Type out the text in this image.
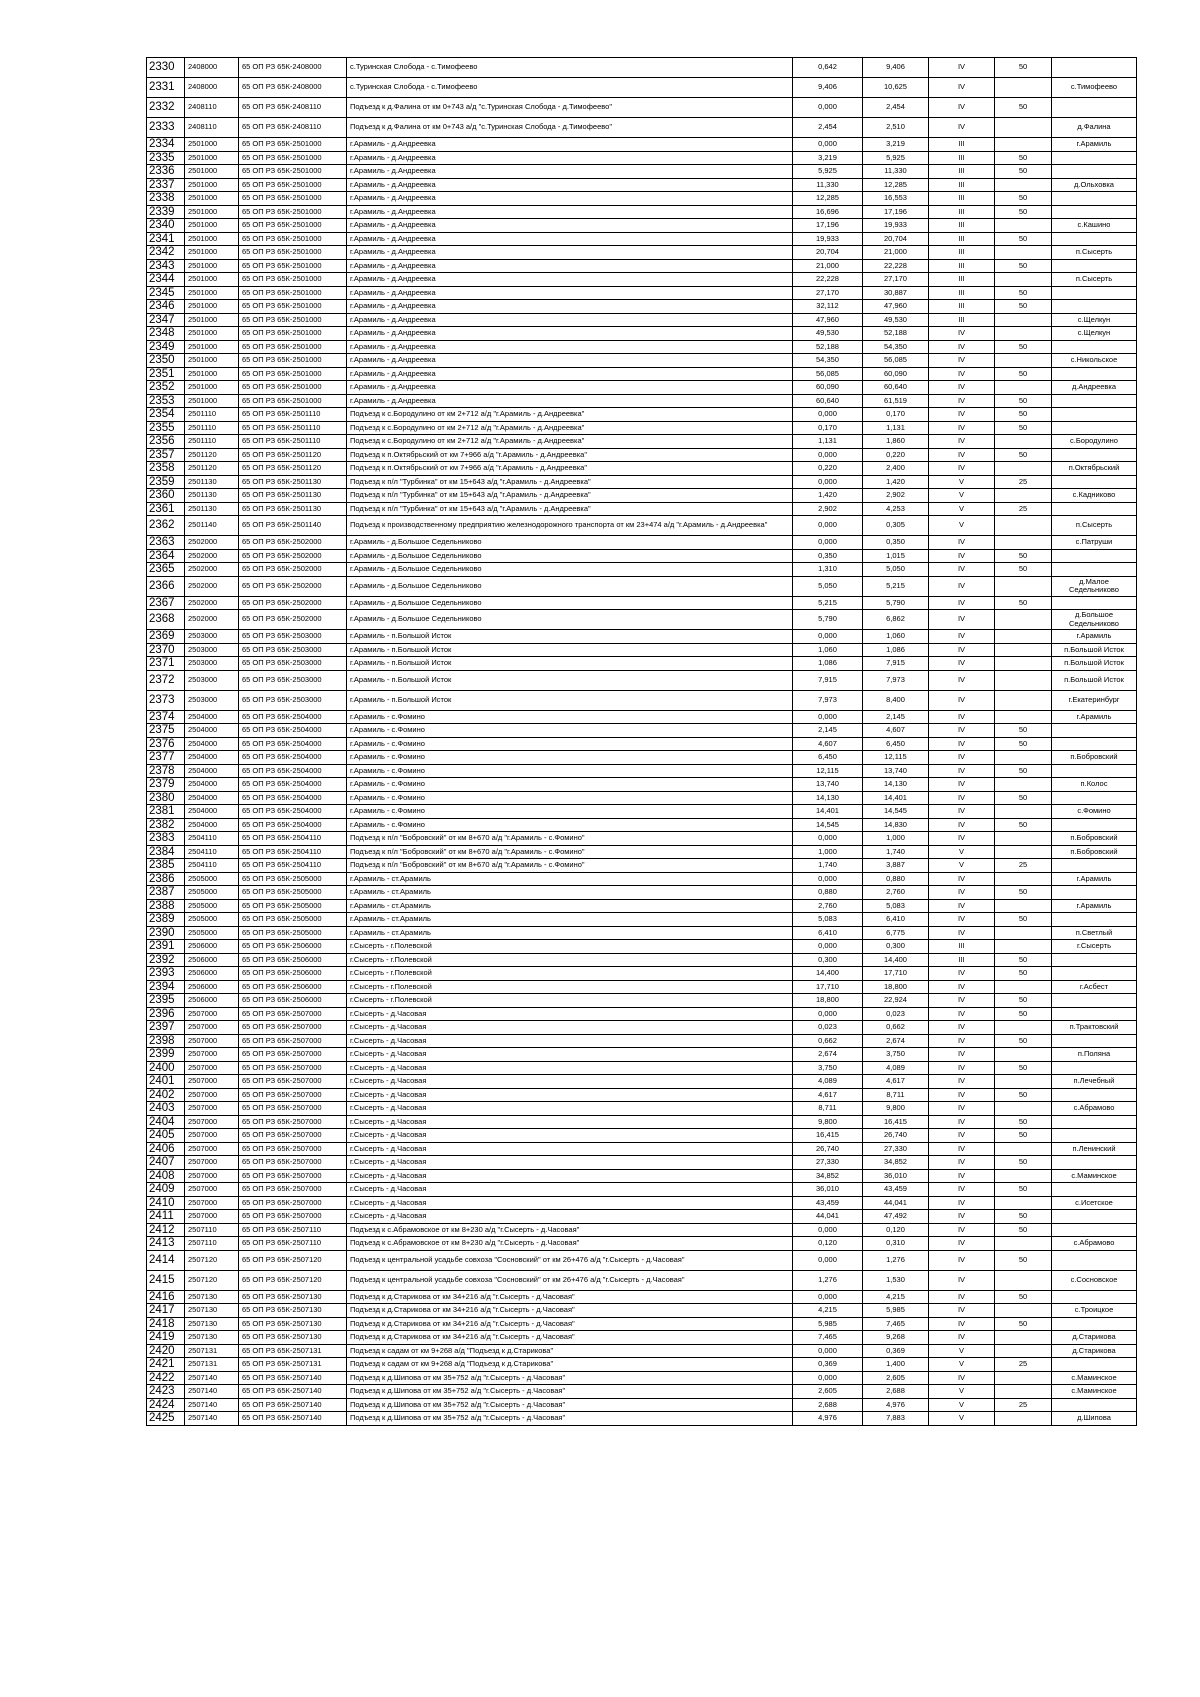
2330	2408000	65 ОП РЗ 65К-2408000	с.Туринская Слобода - с.Тимофеево	0,642	9,406	IV	50	
2331	2408000	65 ОП РЗ 65К-2408000	с.Туринская Слобода - с.Тимофеево	9,406	10,625	IV		с.Тимофеево
2332	2408110	65 ОП РЗ 65К-2408110	Подъезд к д.Фалина от км 0+743 а/д "с.Туринская Слобода - д.Тимофеево"	0,000	2,454	IV	50	
2333	2408110	65 ОП РЗ 65К-2408110	Подъезд к д.Фалина от км 0+743 а/д "с.Туринская Слобода - д.Тимофеево"	2,454	2,510	IV		д.Фалина
2334	2501000	65 ОП РЗ 65К-2501000	г.Арамиль - д.Андреевка	0,000	3,219	III		г.Арамиль
2335	2501000	65 ОП РЗ 65К-2501000	г.Арамиль - д.Андреевка	3,219	5,925	III	50	
2336	2501000	65 ОП РЗ 65К-2501000	г.Арамиль - д.Андреевка	5,925	11,330	III	50	
2337	2501000	65 ОП РЗ 65К-2501000	г.Арамиль - д.Андреевка	11,330	12,285	III		д.Ольховка
2338	2501000	65 ОП РЗ 65К-2501000	г.Арамиль - д.Андреевка	12,285	16,553	III	50	
2339	2501000	65 ОП РЗ 65К-2501000	г.Арамиль - д.Андреевка	16,696	17,196	III	50	
2340	2501000	65 ОП РЗ 65К-2501000	г.Арамиль - д.Андреевка	17,196	19,933	III		с.Кашино
2341	2501000	65 ОП РЗ 65К-2501000	г.Арамиль - д.Андреевка	19,933	20,704	III	50	
2342	2501000	65 ОП РЗ 65К-2501000	г.Арамиль - д.Андреевка	20,704	21,000	III		п.Сысерть
2343	2501000	65 ОП РЗ 65К-2501000	г.Арамиль - д.Андреевка	21,000	22,228	III	50	
2344	2501000	65 ОП РЗ 65К-2501000	г.Арамиль - д.Андреевка	22,228	27,170	III		п.Сысерть
2345	2501000	65 ОП РЗ 65К-2501000	г.Арамиль - д.Андреевка	27,170	30,887	III	50	
2346	2501000	65 ОП РЗ 65К-2501000	г.Арамиль - д.Андреевка	32,112	47,960	III	50	
2347	2501000	65 ОП РЗ 65К-2501000	г.Арамиль - д.Андреевка	47,960	49,530	III		с.Щелкун
2348	2501000	65 ОП РЗ 65К-2501000	г.Арамиль - д.Андреевка	49,530	52,188	IV		с.Щелкун
2349	2501000	65 ОП РЗ 65К-2501000	г.Арамиль - д.Андреевка	52,188	54,350	IV	50	
2350	2501000	65 ОП РЗ 65К-2501000	г.Арамиль - д.Андреевка	54,350	56,085	IV		с.Никольское
2351	2501000	65 ОП РЗ 65К-2501000	г.Арамиль - д.Андреевка	56,085	60,090	IV	50	
2352	2501000	65 ОП РЗ 65К-2501000	г.Арамиль - д.Андреевка	60,090	60,640	IV		д.Андреевка
2353	2501000	65 ОП РЗ 65К-2501000	г.Арамиль - д.Андреевка	60,640	61,519	IV	50	
2354	2501110	65 ОП РЗ 65К-2501110	Подъезд к с.Бородулино от км 2+712 а/д "г.Арамиль - д.Андреевка"	0,000	0,170	IV	50	
2355	2501110	65 ОП РЗ 65К-2501110	Подъезд к с.Бородулино от км 2+712 а/д "г.Арамиль - д.Андреевка"	0,170	1,131	IV	50	
2356	2501110	65 ОП РЗ 65К-2501110	Подъезд к с.Бородулино от км 2+712 а/д "г.Арамиль - д.Андреевка"	1,131	1,860	IV		с.Бородулино
2357	2501120	65 ОП РЗ 65К-2501120	Подъезд к п.Октябрьский от км 7+966 а/д "г.Арамиль - д.Андреевка"	0,000	0,220	IV	50	
2358	2501120	65 ОП РЗ 65К-2501120	Подъезд к п.Октябрьский от км 7+966 а/д "г.Арамиль - д.Андреевка"	0,220	2,400	IV		п.Октябрьский
2359	2501130	65 ОП РЗ 65К-2501130	Подъезд к п/л "Турбинка" от км 15+643 а/д "г.Арамиль - д.Андреевка"	0,000	1,420	V	25	
2360	2501130	65 ОП РЗ 65К-2501130	Подъезд к п/л "Турбинка" от км 15+643 а/д "г.Арамиль - д.Андреевка"	1,420	2,902	V		с.Кадниково
2361	2501130	65 ОП РЗ 65К-2501130	Подъезд к п/л "Турбинка" от км 15+643 а/д "г.Арамиль - д.Андреевка"	2,902	4,253	V	25	
2362	2501140	65 ОП РЗ 65К-2501140	Подъезд к производственному предприятию железнодорожного транспорта от км 23+474 а/д "г.Арамиль - д.Андреевка"	0,000	0,305	V		п.Сысерть
2363	2502000	65 ОП РЗ 65К-2502000	г.Арамиль - д.Большое Седельниково	0,000	0,350	IV		с.Патруши
2364	2502000	65 ОП РЗ 65К-2502000	г.Арамиль - д.Большое Седельниково	0,350	1,015	IV	50	
2365	2502000	65 ОП РЗ 65К-2502000	г.Арамиль - д.Большое Седельниково	1,310	5,050	IV	50	
2366	2502000	65 ОП РЗ 65К-2502000	г.Арамиль - д.Большое Седельниково	5,050	5,215	IV		д.Малое Седельниково
2367	2502000	65 ОП РЗ 65К-2502000	г.Арамиль - д.Большое Седельниково	5,215	5,790	IV	50	
2368	2502000	65 ОП РЗ 65К-2502000	г.Арамиль - д.Большое Седельниково	5,790	6,862	IV		д.Большое Седельниково
2369	2503000	65 ОП РЗ 65К-2503000	г.Арамиль - п.Большой Исток	0,000	1,060	IV		г.Арамиль
2370	2503000	65 ОП РЗ 65К-2503000	г.Арамиль - п.Большой Исток	1,060	1,086	IV		п.Большой Исток
2371	2503000	65 ОП РЗ 65К-2503000	г.Арамиль - п.Большой Исток	1,086	7,915	IV		п.Большой Исток
2372	2503000	65 ОП РЗ 65К-2503000	г.Арамиль - п.Большой Исток	7,915	7,973	IV		п.Большой Исток
2373	2503000	65 ОП РЗ 65К-2503000	г.Арамиль - п.Большой Исток	7,973	8,400	IV		г.Екатеринбург
2374	2504000	65 ОП РЗ 65К-2504000	г.Арамиль - с.Фомино	0,000	2,145	IV		г.Арамиль
2375	2504000	65 ОП РЗ 65К-2504000	г.Арамиль - с.Фомино	2,145	4,607	IV	50	
2376	2504000	65 ОП РЗ 65К-2504000	г.Арамиль - с.Фомино	4,607	6,450	IV	50	
2377	2504000	65 ОП РЗ 65К-2504000	г.Арамиль - с.Фомино	6,450	12,115	IV		п.Бобровский
2378	2504000	65 ОП РЗ 65К-2504000	г.Арамиль - с.Фомино	12,115	13,740	IV	50	
2379	2504000	65 ОП РЗ 65К-2504000	г.Арамиль - с.Фомино	13,740	14,130	IV		п.Колос
2380	2504000	65 ОП РЗ 65К-2504000	г.Арамиль - с.Фомино	14,130	14,401	IV	50	
2381	2504000	65 ОП РЗ 65К-2504000	г.Арамиль - с.Фомино	14,401	14,545	IV		с.Фомино
2382	2504000	65 ОП РЗ 65К-2504000	г.Арамиль - с.Фомино	14,545	14,830	IV	50	
2383	2504110	65 ОП РЗ 65К-2504110	Подъезд к п/л "Бобровский" от км 8+670 а/д "г.Арамиль - с.Фомино"	0,000	1,000	IV		п.Бобровский
2384	2504110	65 ОП РЗ 65К-2504110	Подъезд к п/л "Бобровский" от км 8+670 а/д "г.Арамиль - с.Фомино"	1,000	1,740	V		п.Бобровский
2385	2504110	65 ОП РЗ 65К-2504110	Подъезд к п/л "Бобровский" от км 8+670 а/д "г.Арамиль - с.Фомино"	1,740	3,887	V	25	
2386	2505000	65 ОП РЗ 65К-2505000	г.Арамиль - ст.Арамиль	0,000	0,880	IV		г.Арамиль
2387	2505000	65 ОП РЗ 65К-2505000	г.Арамиль - ст.Арамиль	0,880	2,760	IV	50	
2388	2505000	65 ОП РЗ 65К-2505000	г.Арамиль - ст.Арамиль	2,760	5,083	IV		г.Арамиль
2389	2505000	65 ОП РЗ 65К-2505000	г.Арамиль - ст.Арамиль	5,083	6,410	IV	50	
2390	2505000	65 ОП РЗ 65К-2505000	г.Арамиль - ст.Арамиль	6,410	6,775	IV		п.Светлый
2391	2506000	65 ОП РЗ 65К-2506000	г.Сысерть - г.Полевской	0,000	0,300	III		г.Сысерть
2392	2506000	65 ОП РЗ 65К-2506000	г.Сысерть - г.Полевской	0,300	14,400	III	50	
2393	2506000	65 ОП РЗ 65К-2506000	г.Сысерть - г.Полевской	14,400	17,710	IV	50	
2394	2506000	65 ОП РЗ 65К-2506000	г.Сысерть - г.Полевской	17,710	18,800	IV		г.Асбест
2395	2506000	65 ОП РЗ 65К-2506000	г.Сысерть - г.Полевской	18,800	22,924	IV	50	
2396	2507000	65 ОП РЗ 65К-2507000	г.Сысерть - д.Часовая	0,000	0,023	IV	50	
2397	2507000	65 ОП РЗ 65К-2507000	г.Сысерть - д.Часовая	0,023	0,662	IV		п.Трактовский
2398	2507000	65 ОП РЗ 65К-2507000	г.Сысерть - д.Часовая	0,662	2,674	IV	50	
2399	2507000	65 ОП РЗ 65К-2507000	г.Сысерть - д.Часовая	2,674	3,750	IV		п.Поляна
2400	2507000	65 ОП РЗ 65К-2507000	г.Сысерть - д.Часовая	3,750	4,089	IV	50	
2401	2507000	65 ОП РЗ 65К-2507000	г.Сысерть - д.Часовая	4,089	4,617	IV		п.Лечебный
2402	2507000	65 ОП РЗ 65К-2507000	г.Сысерть - д.Часовая	4,617	8,711	IV	50	
2403	2507000	65 ОП РЗ 65К-2507000	г.Сысерть - д.Часовая	8,711	9,800	IV		с.Абрамово
2404	2507000	65 ОП РЗ 65К-2507000	г.Сысерть - д.Часовая	9,800	16,415	IV	50	
2405	2507000	65 ОП РЗ 65К-2507000	г.Сысерть - д.Часовая	16,415	26,740	IV	50	
2406	2507000	65 ОП РЗ 65К-2507000	г.Сысерть - д.Часовая	26,740	27,330	IV		п.Ленинский
2407	2507000	65 ОП РЗ 65К-2507000	г.Сысерть - д.Часовая	27,330	34,852	IV	50	
2408	2507000	65 ОП РЗ 65К-2507000	г.Сысерть - д.Часовая	34,852	36,010	IV		с.Маминское
2409	2507000	65 ОП РЗ 65К-2507000	г.Сысерть - д.Часовая	36,010	43,459	IV	50	
2410	2507000	65 ОП РЗ 65К-2507000	г.Сысерть - д.Часовая	43,459	44,041	IV		с.Исетское
2411	2507000	65 ОП РЗ 65К-2507000	г.Сысерть - д.Часовая	44,041	47,492	IV	50	
2412	2507110	65 ОП РЗ 65К-2507110	Подъезд к с.Абрамовское от км 8+230 а/д "г.Сысерть - д.Часовая"	0,000	0,120	IV	50	
2413	2507110	65 ОП РЗ 65К-2507110	Подъезд к с.Абрамовское от км 8+230 а/д "г.Сысерть - д.Часовая"	0,120	0,310	IV		с.Абрамово
2414	2507120	65 ОП РЗ 65К-2507120	Подъезд к центральной усадьбе совхоза "Сосновский" от км 26+476 а/д "г.Сысерть - д.Часовая"	0,000	1,276	IV	50	
2415	2507120	65 ОП РЗ 65К-2507120	Подъезд к центральной усадьбе совхоза "Сосновский" от км 26+476 а/д "г.Сысерть - д.Часовая"	1,276	1,530	IV		с.Сосновское
2416	2507130	65 ОП РЗ 65К-2507130	Подъезд к д.Старикова от км 34+216 а/д "г.Сысерть - д.Часовая"	0,000	4,215	IV	50	
2417	2507130	65 ОП РЗ 65К-2507130	Подъезд к д.Старикова от км 34+216 а/д "г.Сысерть - д.Часовая"	4,215	5,985	IV		с.Троицкое
2418	2507130	65 ОП РЗ 65К-2507130	Подъезд к д.Старикова от км 34+216 а/д "г.Сысерть - д.Часовая"	5,985	7,465	IV	50	
2419	2507130	65 ОП РЗ 65К-2507130	Подъезд к д.Старикова от км 34+216 а/д "г.Сысерть - д.Часовая"	7,465	9,268	IV		д.Старикова
2420	2507131	65 ОП РЗ 65К-2507131	Подъезд к садам от км 9+268 а/д "Подъезд к д.Старикова"	0,000	0,369	V		д.Старикова
2421	2507131	65 ОП РЗ 65К-2507131	Подъезд к садам от км 9+268 а/д "Подъезд к д.Старикова"	0,369	1,400	V	25	
2422	2507140	65 ОП РЗ 65К-2507140	Подъезд к д.Шипова от км 35+752 а/д "г.Сысерть - д.Часовая"	0,000	2,605	IV		с.Маминское
2423	2507140	65 ОП РЗ 65К-2507140	Подъезд к д.Шипова от км 35+752 а/д "г.Сысерть - д.Часовая"	2,605	2,688	V		с.Маминское
2424	2507140	65 ОП РЗ 65К-2507140	Подъезд к д.Шипова от км 35+752 а/д "г.Сысерть - д.Часовая"	2,688	4,976	V	25	
2425	2507140	65 ОП РЗ 65К-2507140	Подъезд к д.Шипова от км 35+752 а/д "г.Сысерть - д.Часовая"	4,976	7,883	V		д.Шипова
